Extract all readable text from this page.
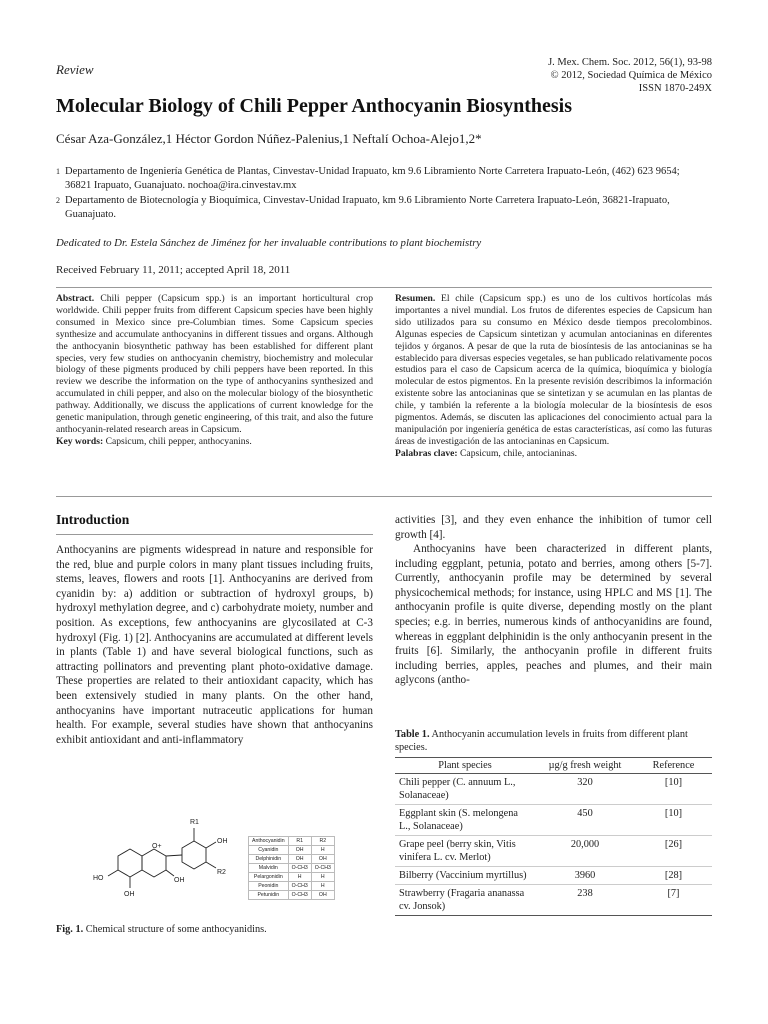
J. Mex. Chem. Soc. 2012, 56(1), 93-98
© 2012, Sociedad Química de México
ISSN 1870-249X
Review
Molecular Biology of Chili Pepper Anthocyanin Biosynthesis
César Aza-González,1 Héctor Gordon Núñez-Palenius,1 Neftalí Ochoa-Alejo1,2*
1 Departamento de Ingeniería Genética de Plantas, Cinvestav-Unidad Irapuato, km 9.6 Libramiento Norte Carretera Irapuato-León, (462) 623 9654; 36821 Irapuato, Guanajuato. nochoa@ira.cinvestav.mx
2 Departamento de Biotecnología y Bioquímica, Cinvestav-Unidad Irapuato, km 9.6 Libramiento Norte Carretera Irapuato-León, 36821-Irapuato, Guanajuato.
Dedicated to Dr. Estela Sánchez de Jiménez for her invaluable contributions to plant biochemistry
Received February 11, 2011; accepted April 18, 2011
Abstract. Chili pepper (Capsicum spp.) is an important horticultural crop worldwide. Chili pepper fruits from different Capsicum species have been highly consumed in Mexico since pre-Columbian times. Some Capsicum species synthesize and accumulate anthocyanins in different tissues and organs. Although the anthocyanin biosynthetic pathway has been established for different plant species, very few studies on anthocyanin chemistry, biochemistry and molecular biology of these pigments produced by chili peppers have been reported. In this review we describe the information on the type of anthocyanins synthesized and accumulated in chili pepper, and also on the molecular biology of the biosynthetic pathway. Additionally, we discuss the applications of current knowledge for the genetic manipulation, through genetic engineering, of this trait, and also the future anthocyanin-related research areas in Capsicum.
Key words: Capsicum, chili pepper, anthocyanins.
Resumen. El chile (Capsicum spp.) es uno de los cultivos hortícolas más importantes a nivel mundial. Los frutos de diferentes especies de Capsicum han sido utilizados para su consumo en México desde tiempos precolombinos. Algunas especies de Capsicum sintetizan y acumulan antocianinas en diferentes tejidos y órganos. A pesar de que la ruta de biosíntesis de las antocianinas se ha establecido para diversas especies vegetales, se han publicado relativamente pocos estudios para el caso de Capsicum acerca de la química, bioquímica y biología molecular de estos pigmentos. En la presente revisión describimos la información existente sobre las antocianinas que se sintetizan y se acumulan en las plantas de chile, y también la referente a la biología molecular de la biosíntesis de esos pigmentos. Además, se discuten las aplicaciones del conocimiento actual para la manipulación por ingeniería genética de estas características, así como las futuras áreas de investigación de las antocianinas en Capsicum.
Palabras clave: Capsicum, chile, antocianinas.
Introduction
Anthocyanins are pigments widespread in nature and responsible for the red, blue and purple colors in many plant tissues including fruits, stems, leaves, flowers and roots [1]. Anthocyanins are derived from cyanidin by: a) addition or subtraction of hydroxyl groups, b) hydroxyl methylation degree, and c) carbohydrate moiety, number and position. As exceptions, few anthocyanins are glycosilated at C-3 hydroxyl (Fig. 1) [2]. Anthocyanins are accumulated at different levels in plants (Table 1) and have several biological functions, such as attracting pollinators and preventing plant photo-oxidative damage. These properties are related to their antioxidant capacity, which has been extensively studied in many plants. On the other hand, anthocyanins have important nutraceutic applications for human health. For example, several studies have shown that anthocyanins exhibit antioxidant and anti-inflammatory
R1
OH
R2
HO
O+
OH
OH
Anthocyanidin	R1	R2
Cyanidin	OH	H
Delphinidin	OH	OH
Malvidin	O-CH3	O-CH3
Pelargonidin	H	H
Peonidin	O-CH3	H
Petunidin	O-CH3	OH
Fig. 1. Chemical structure of some anthocyanidins.
activities [3], and they even enhance the inhibition of tumor cell growth [4].
Anthocyanins have been characterized in different plants, including eggplant, petunia, potato and berries, among others [5-7]. Currently, anthocyanin profile may be determined by several physicochemical methods; for instance, using HPLC and MS [1]. The anthocyanin profile is quite diverse, depending mostly on the plant species; e.g. in berries, numerous kinds of anthocyanidins are found, whereas in eggplant delphinidin is the only anthocyanin present in the fruits [6]. Similarly, the anthocyanin profile in different fruits including berries, apples, peaches and plumes, and their main aglycons (antho-
Table 1. Anthocyanin accumulation levels in fruits from different plant species.
Plant species	µg/g fresh weight	Reference
Chili pepper (C. annuum L., Solanaceae)	320	[10]
Eggplant skin (S. melongena L., Solanaceae)	450	[10]
Grape peel (berry skin, Vitis vinifera L. cv. Merlot)	20,000	[26]
Bilberry (Vaccinium myrtillus)	3960	[28]
Strawberry (Fragaria ananassa cv. Jonsok)	238	[7]
